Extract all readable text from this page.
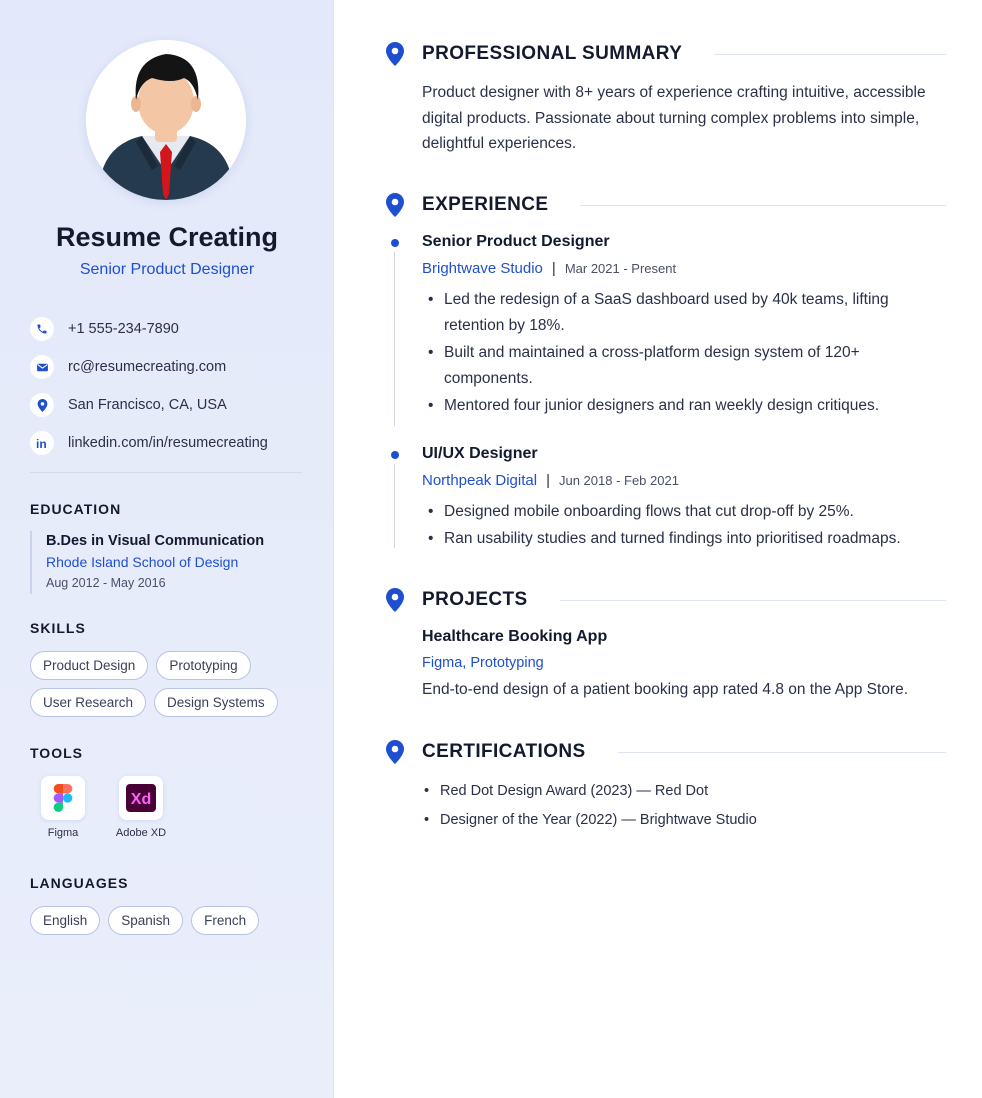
Resume Creating
Senior Product Designer
+1 555-234-7890
rc@resumecreating.com
San Francisco, CA, USA
in linkedin.com/in/resumecreating
EDUCATION
B.Des in Visual Communication
Rhode Island School of Design
Aug 2012 - May 2016
SKILLS
Product Design	Prototyping
User Research	Design Systems
TOOLS
Figma
Xd
Adobe XD
LANGUAGES
English	Spanish	French
PROFESSIONAL SUMMARY

Product designer with 8+ years of experience crafting intuitive, accessible digital products. Passionate about turning complex problems into simple, delightful experiences.

EXPERIENCE
Senior Product Designer
Brightwave Studio | Mar 2021 - Present
• Led the redesign of a SaaS dashboard used by 40k teams, lifting retention by 18%.
• Built and maintained a cross-platform design system of 120+ components.
• Mentored four junior designers and ran weekly design critiques.
UI/UX Designer
Northpeak Digital | Jun 2018 - Feb 2021
• Designed mobile onboarding flows that cut drop-off by 25%.
• Ran usability studies and turned findings into prioritised roadmaps.
PROJECTS
Healthcare Booking App
Figma, Prototyping
End-to-end design of a patient booking app rated 4.8 on the App Store.
CERTIFICATIONS
• Red Dot Design Award (2023) — Red Dot
• Designer of the Year (2022) — Brightwave Studio
